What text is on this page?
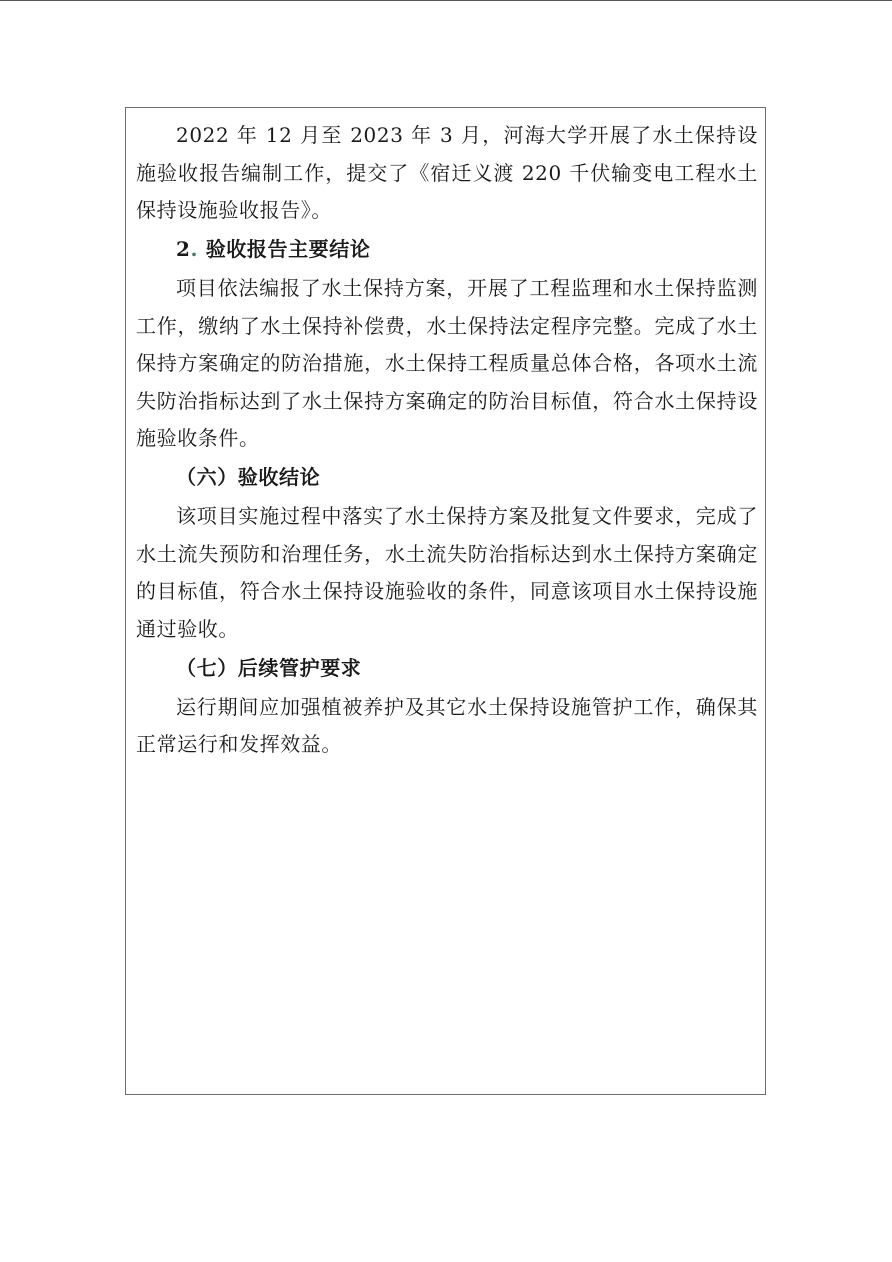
2022 年 12 月至 2023 年 3 月，河海大学开展了水土保持设施验收报告编制工作，提交了《宿迁义渡 220 千伏输变电工程水土保持设施验收报告》。

2. 验收报告主要结论

项目依法编报了水土保持方案，开展了工程监理和水土保持监测工作，缴纳了水土保持补偿费，水土保持法定程序完整。完成了水土保持方案确定的防治措施，水土保持工程质量总体合格，各项水土流失防治指标达到了水土保持方案确定的防治目标值，符合水土保持设施验收条件。

（六）验收结论

该项目实施过程中落实了水土保持方案及批复文件要求，完成了水土流失预防和治理任务，水土流失防治指标达到水土保持方案确定的目标值，符合水土保持设施验收的条件，同意该项目水土保持设施通过验收。

（七）后续管护要求

运行期间应加强植被养护及其它水土保持设施管护工作，确保其正常运行和发挥效益。
